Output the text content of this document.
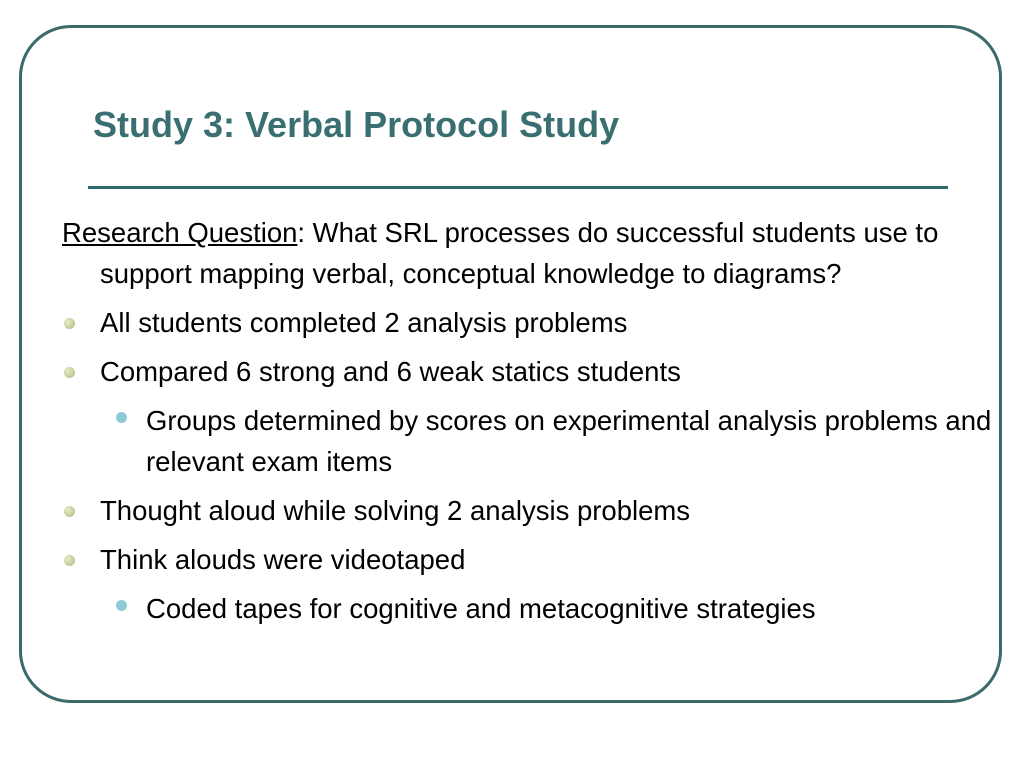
Study 3: Verbal Protocol Study

Research Question: What SRL processes do successful students use to support mapping verbal, conceptual knowledge to diagrams?

All students completed 2 analysis problems
Compared 6 strong and 6 weak statics students
Groups determined by scores on experimental analysis problems and relevant exam items
Thought aloud while solving 2 analysis problems
Think alouds were videotaped
Coded tapes for cognitive and metacognitive strategies
